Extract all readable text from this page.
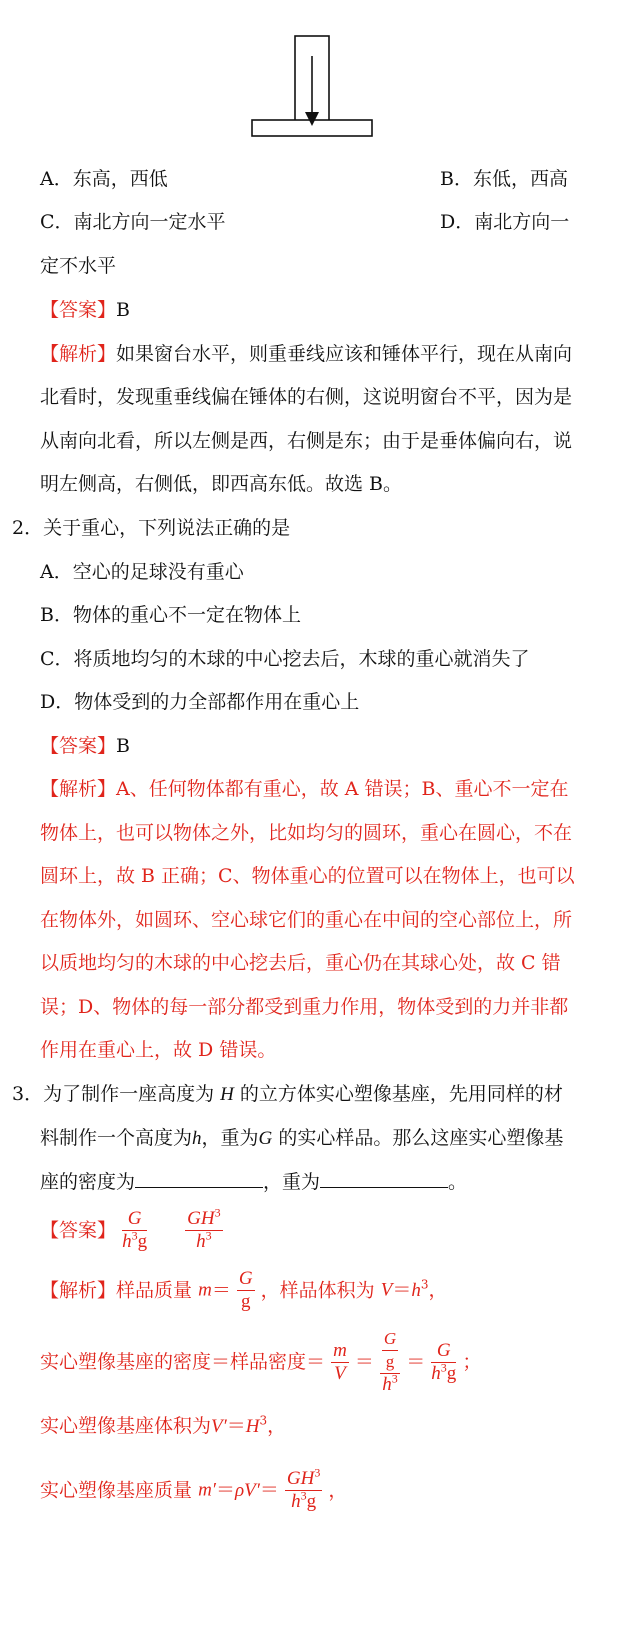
A．东高，西低	B．东低，西高
C．南北方向一定水平	D．南北方向一
定不水平
【答案】B
【解析】如果窗台水平，则重垂线应该和锤体平行，现在从南向
北看时，发现重垂线偏在锤体的右侧，这说明窗台不平，因为是
从南向北看，所以左侧是西，右侧是东；由于是垂体偏向右，说
明左侧高，右侧低，即西高东低。故选 B。
2．关于重心，下列说法正确的是
A．空心的足球没有重心
B．物体的重心不一定在物体上
C．将质地均匀的木球的中心挖去后，木球的重心就消失了
D．物体受到的力全部都作用在重心上
【答案】B
【解析】A、任何物体都有重心，故 A 错误；B、重心不一定在
物体上，也可以物体之外，比如均匀的圆环，重心在圆心，不在
圆环上，故 B 正确；C、物体重心的位置可以在物体上，也可以
在物体外，如圆环、空心球它们的重心在中间的空心部位上，所
以质地均匀的木球的中心挖去后，重心仍在其球心处，故 C 错
误；D、物体的每一部分都受到重力作用，物体受到的力并非都
作用在重心上，故 D 错误。
3．为了制作一座高度为 H 的立方体实心塑像基座，先用同样的材
料制作一个高度为h，重为G 的实心样品。那么这座实心塑像基
座的密度为	，重为	。
【答案】 $\frac{G}{h^3g}$
$\frac{GH^3}{h^3}$
【解析】样品质量 $m= \frac{G}{g}$ ，样品体积为 $V=h^3$，
实心塑像基座的密度＝样品密度＝ $\frac{m}{V} = \frac{\frac{G}{g}}{h^3} = \frac{G}{h^3g}$ ；
实心塑像基座体积为$V'=H^3$，
实心塑像基座质量 $m'=\rho V'= \frac{GH^3}{h^3g}$ ，
